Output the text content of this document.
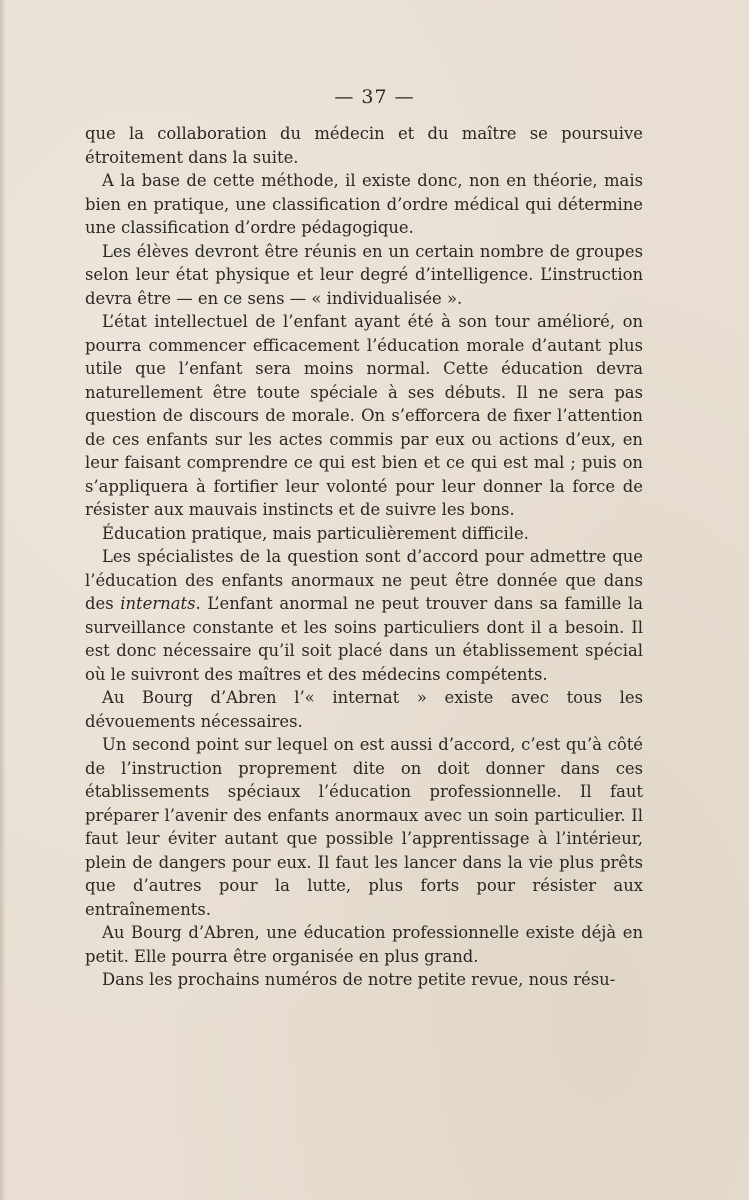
— 37 —

que la collaboration du médecin et du maître se poursuive étroitement dans la suite.

A la base de cette méthode, il existe donc, non en théorie, mais bien en pratique, une classification d’ordre médical qui détermine une classification d’ordre pédagogique.

Les élèves devront être réunis en un certain nombre de groupes selon leur état physique et leur degré d’intelligence. L’instruction devra être — en ce sens — « individualisée ».

L’état intellectuel de l’enfant ayant été à son tour amélioré, on pourra commencer efficacement l’éducation morale d’autant plus utile que l’enfant sera moins normal. Cette éducation devra naturellement être toute spéciale à ses débuts. Il ne sera pas question de discours de morale. On s’efforcera de fixer l’attention de ces enfants sur les actes commis par eux ou actions d’eux, en leur faisant comprendre ce qui est bien et ce qui est mal ; puis on s’appliquera à fortifier leur volonté pour leur donner la force de résister aux mauvais instincts et de suivre les bons.

Éducation pratique, mais particulièrement difficile.

Les spécialistes de la question sont d’accord pour admettre que l’éducation des enfants anormaux ne peut être donnée que dans des internats. L’enfant anormal ne peut trouver dans sa famille la surveillance constante et les soins particuliers dont il a besoin. Il est donc nécessaire qu’il soit placé dans un établissement spécial où le suivront des maîtres et des médecins compétents.

Au Bourg d’Abren l’« internat » existe avec tous les dévouements nécessaires.

Un second point sur lequel on est aussi d’accord, c’est qu’à côté de l’instruction proprement dite on doit donner dans ces établissements spéciaux l’éducation professionnelle. Il faut préparer l’avenir des enfants anormaux avec un soin particulier. Il faut leur éviter autant que possible l’apprentissage à l’intérieur, plein de dangers pour eux. Il faut les lancer dans la vie plus prêts que d’autres pour la lutte, plus forts pour résister aux entraînements.

Au Bourg d’Abren, une éducation professionnelle existe déjà en petit. Elle pourra être organisée en plus grand.

Dans les prochains numéros de notre petite revue, nous résu-
